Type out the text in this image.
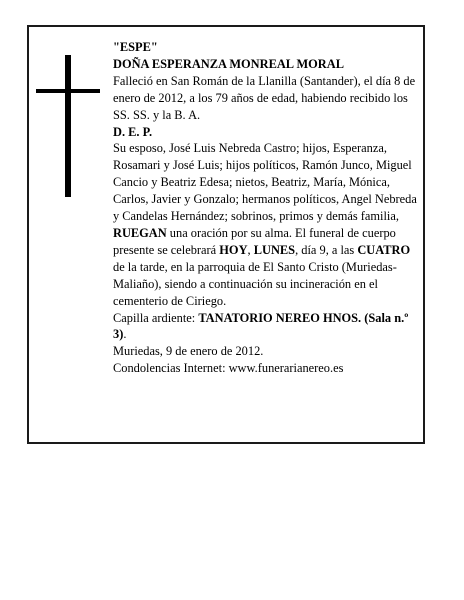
"ESPE"

DOÑA ESPERANZA MONREAL MORAL

Falleció en San Román de la Llanilla (Santander), el día 8 de enero de 2012, a los 79 años de edad, habiendo recibido los SS. SS. y la B. A.

D. E. P.

Su esposo, José Luis Nebreda Castro; hijos, Esperanza, Rosamari y José Luis; hijos políticos, Ramón Junco, Miguel Cancio y Beatriz Edesa; nietos, Beatriz, María, Mónica, Carlos, Javier y Gonzalo; hermanos políticos, Angel Nebreda y Candelas Hernández; sobrinos, primos y demás familia,

RUEGAN una oración por su alma. El funeral de cuerpo presente se celebrará HOY, LUNES, día 9, a las CUATRO de la tarde, en la parroquia de El Santo Cristo (Muriedas-Maliaño), siendo a continuación su incineración en el cementerio de Ciriego.

Capilla ardiente: TANATORIO NEREO HNOS. (Sala n.º 3).

Muriedas, 9 de enero de 2012.

Condolencias Internet: www.funerarianereo.es
